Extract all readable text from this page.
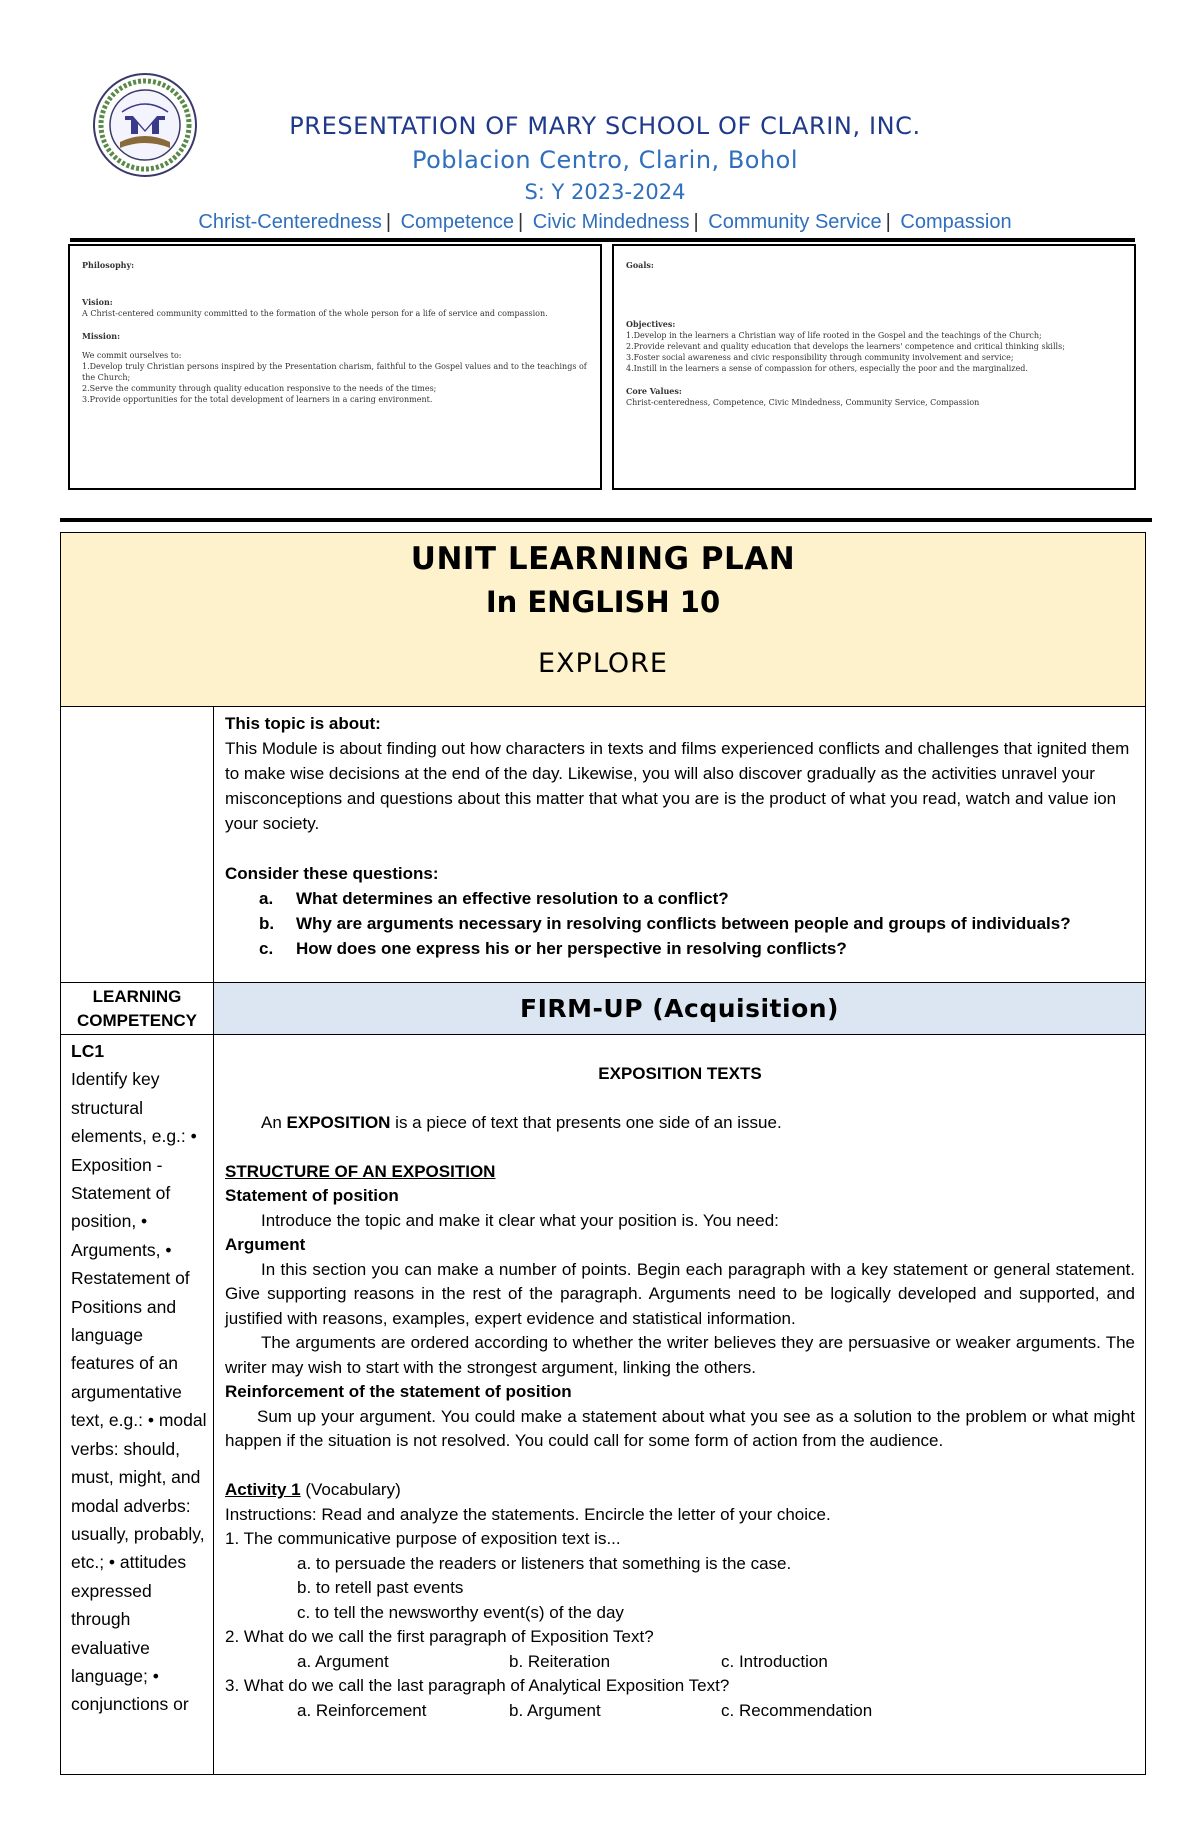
PRESENTATION OF MARY SCHOOL OF CLARIN, INC.
Poblacion Centro, Clarin, Bohol
S: Y 2023-2024
Christ-Centeredness | Competence | Civic Mindedness | Community Service | Compassion

Philosophy:

Vision:

A Christ-centered community committed to the formation of the whole person for a life of service and compassion.

Mission:

We commit ourselves to:

1.Develop truly Christian persons inspired by the Presentation charism, faithful to the Gospel values and to the teachings of the Church;

2.Serve the community through quality education responsive to the needs of the times;

3.Provide opportunities for the total development of learners in a caring environment.

Goals:

Objectives:

1.Develop in the learners a Christian way of life rooted in the Gospel and the teachings of the Church;

2.Provide relevant and quality education that develops the learners' competence and critical thinking skills;

3.Foster social awareness and civic responsibility through community involvement and service;

4.Instill in the learners a sense of compassion for others, especially the poor and the marginalized.

Core Values:

Christ-centeredness, Competence, Civic Mindedness, Community Service, Compassion

UNIT LEARNING PLAN
In ENGLISH 10
EXPLORE

This topic is about:

This Module is about finding out how characters in texts and films experienced conflicts and challenges that ignited them to make wise decisions at the end of the day. Likewise, you will also discover gradually as the activities unravel your misconceptions and questions about this matter that what you are is the product of what you read, watch and value ion your society.

Consider these questions:

a. What determines an effective resolution to a conflict?
b. Why are arguments necessary in resolving conflicts between people and groups of individuals?
c. How does one express his or her perspective in resolving conflicts?
LEARNING COMPETENCY	FIRM-UP (Acquisition)

LC1

Identify key structural elements, e.g.: • Exposition - Statement of position, • Arguments, • Restatement of Positions and language features of an argumentative text, e.g.: • modal verbs: should, must, might, and modal adverbs: usually, probably, etc.; • attitudes expressed through evaluative language; • conjunctions or

EXPOSITION TEXTS

An EXPOSITION is a piece of text that presents one side of an issue.

STRUCTURE OF AN EXPOSITION

Statement of position

Introduce the topic and make it clear what your position is. You need:

Argument

In this section you can make a number of points. Begin each paragraph with a key statement or general statement. Give supporting reasons in the rest of the paragraph. Arguments need to be logically developed and supported, and justified with reasons, examples, expert evidence and statistical information.

The arguments are ordered according to whether the writer believes they are persuasive or weaker arguments. The writer may wish to start with the strongest argument, linking the others.

Reinforcement of the statement of position

Sum up your argument. You could make a statement about what you see as a solution to the problem or what might happen if the situation is not resolved. You could call for some form of action from the audience.

Activity 1 (Vocabulary)

Instructions: Read and analyze the statements. Encircle the letter of your choice.

1. The communicative purpose of exposition text is...

a. to persuade the readers or listeners that something is the case.

b. to retell past events

c. to tell the newsworthy event(s) of the day

2. What do we call the first paragraph of Exposition Text?

a. Argument	b. Reiteration	c. Introduction

3. What do we call the last paragraph of Analytical Exposition Text?

a. Reinforcement	b. Argument	c. Recommendation
